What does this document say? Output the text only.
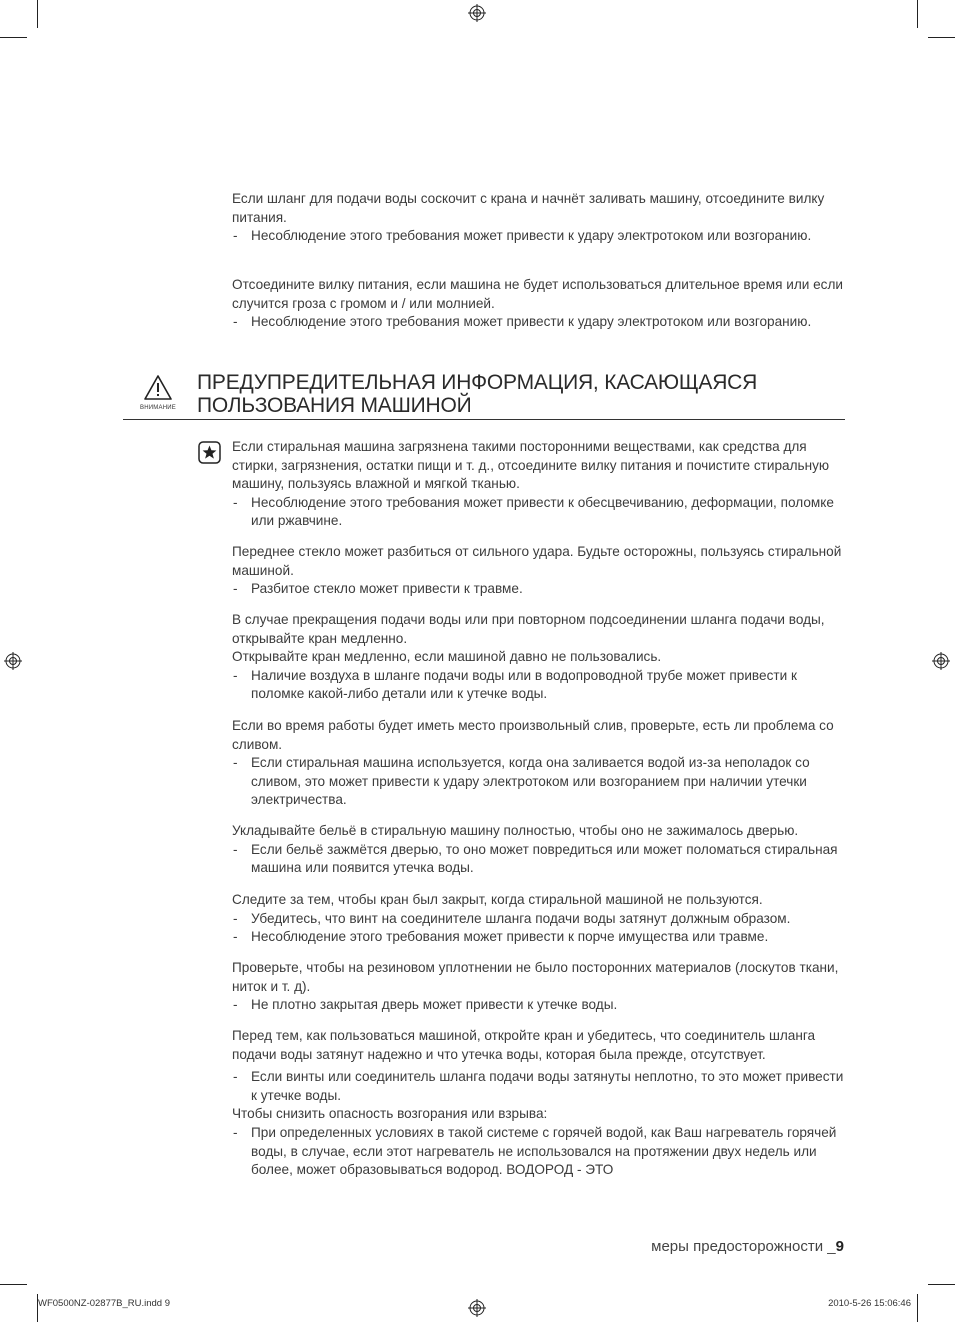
Если шланг для подачи воды соскочит с крана и начнёт заливать машину, отсоедините вилку питания.

- Несоблюдение этого требования может привести к удару электротоком или возгоранию.

Отсоедините вилку питания, если машина не будет использоваться длительное время или если случится гроза с громом и / или молнией.

- Несоблюдение этого требования может привести к удару электротоком или возгоранию.

ВНИМАНИЕ
ПРЕДУПРЕДИТЕЛЬНАЯ ИНФОРМАЦИЯ, КАСАЮЩАЯСЯ
ПОЛЬЗОВАНИЯ МАШИНОЙ

Если стиральная машина загрязнена такими посторонними веществами, как средства для стирки, загрязнения, остатки пищи и т. д., отсоедините вилку питания и почистите стиральную машину, пользуясь влажной и мягкой тканью.

- Несоблюдение этого требования может привести к обесцвечиванию, деформации, поломке или ржавчине.

Переднее стекло может разбиться от сильного удара. Будьте осторожны, пользуясь стиральной машиной.

- Разбитое стекло может привести к травме.

В случае прекращения подачи воды или при повторном подсоединении шланга подачи воды, открывайте кран медленно.

Открывайте кран медленно, если машиной давно не пользовались.

- Наличие воздуха в шланге подачи воды или в водопроводной трубе может привести к поломке какой-либо детали или к утечке воды.

Если во время работы будет иметь место произвольный слив, проверьте, есть ли проблема со сливом.

- Если стиральная машина используется, когда она заливается водой из-за неполадок со сливом, это может привести к удару электротоком или возгоранием при наличии утечки электричества.

Укладывайте бельё в стиральную машину полностью, чтобы оно не зажималось дверью.

- Если бельё зажмётся дверью, то оно может повредиться или может поломаться стиральная машина или появится утечка воды.

Следите за тем, чтобы кран был закрыт, когда стиральной машиной не пользуются.

- Убедитесь, что винт на соединителе шланга подачи воды затянут должным образом.

- Несоблюдение этого требования может привести к порче имущества или травме.

Проверьте, чтобы на резиновом уплотнении не было посторонних материалов (лоскутов ткани, ниток и т. д).

- Не плотно закрытая дверь может привести к утечке воды.

Перед тем, как пользоваться машиной, откройте кран и убедитесь, что соединитель шланга подачи воды затянут надежно и что утечка воды, которая была прежде, отсутствует.

- Если винты или соединитель шланга подачи воды затянуты неплотно, то это может привести к утечке воды.

Чтобы снизить опасность возгорания или взрыва:

- При определенных условиях в такой системе с горячей водой, как Ваш нагреватель горячей воды, в случае, если этот нагреватель не использовался на протяжении двух недель или более, может образовываться водород. ВОДОРОД - ЭТО

меры предосторожности _9
WF0500NZ-02877B_RU.indd 9	2010-5-26 15:06:46
